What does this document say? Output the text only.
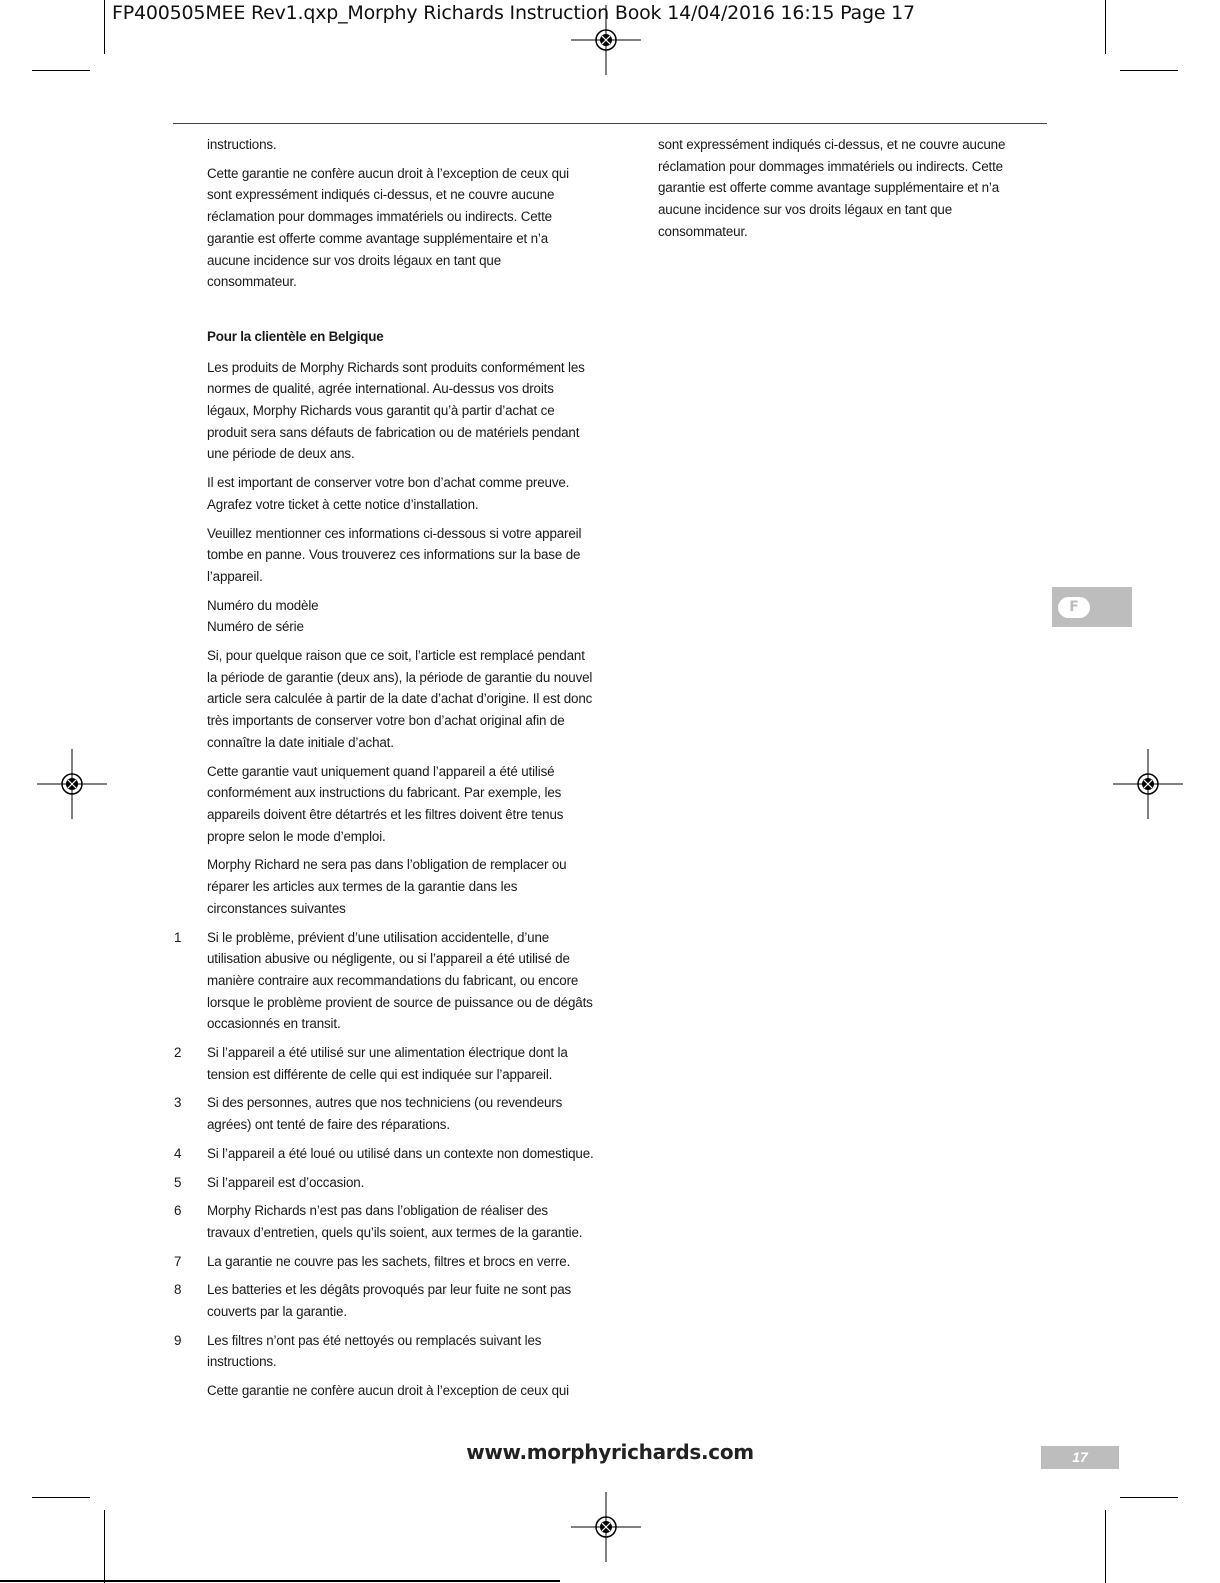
FP400505MEE Rev1.qxp_Morphy Richards Instruction Book 14/04/2016 16:15 Page 17

instructions.

Cette garantie ne confère aucun droit à l’exception de ceux qui sont expressément indiqués ci-dessus, et ne couvre aucune réclamation pour dommages immatériels ou indirects. Cette garantie est offerte comme avantage supplémentaire et n’a aucune incidence sur vos droits légaux en tant que consommateur.

Pour la clientèle en Belgique

Les produits de Morphy Richards sont produits conformément les normes de qualité, agrée international. Au-dessus vos droits légaux, Morphy Richards vous garantit qu’à partir d’achat ce produit sera sans défauts de fabrication ou de matériels pendant une période de deux ans.

Il est important de conserver votre bon d’achat comme preuve. Agrafez votre ticket à cette notice d’installation.

Veuillez mentionner ces informations ci-dessous si votre appareil tombe en panne. Vous trouverez ces informations sur la base de l’appareil.

Numéro du modèle
Numéro de série

Si, pour quelque raison que ce soit, l’article est remplacé pendant la période de garantie (deux ans), la période de garantie du nouvel article sera calculée à partir de la date d’achat d’origine. Il est donc très importants de conserver votre bon d’achat original afin de connaître la date initiale d’achat.

Cette garantie vaut uniquement quand l’appareil a été utilisé conformément aux instructions du fabricant. Par exemple, les appareils doivent être détartrés et les filtres doivent être tenus propre selon le mode d’emploi.

Morphy Richard ne sera pas dans l’obligation de remplacer ou réparer les articles aux termes de la garantie dans les circonstances suivantes

1	Si le problème, prévient d’une utilisation accidentelle, d’une utilisation abusive ou négligente, ou si l’appareil a été utilisé de manière contraire aux recommandations du fabricant, ou encore lorsque le problème provient de source de puissance ou de dégâts occasionnés en transit.
2	Si l’appareil a été utilisé sur une alimentation électrique dont la tension est différente de celle qui est indiquée sur l’appareil.
3	Si des personnes, autres que nos techniciens (ou revendeurs agrées) ont tenté de faire des réparations.
4	Si l’appareil a été loué ou utilisé dans un contexte non domestique.
5	Si l’appareil est d’occasion.
6	Morphy Richards n’est pas dans l’obligation de réaliser des travaux d’entretien, quels qu’ils soient, aux termes de la garantie.
7	La garantie ne couvre pas les sachets, filtres et brocs en verre.
8	Les batteries et les dégâts provoqués par leur fuite ne sont pas couverts par la garantie.
9	Les filtres n’ont pas été nettoyés ou remplacés suivant les instructions.

Cette garantie ne confère aucun droit à l’exception de ceux qui

sont expressément indiqués ci-dessus, et ne couvre aucune réclamation pour dommages immatériels ou indirects. Cette garantie est offerte comme avantage supplémentaire et n’a aucune incidence sur vos droits légaux en tant que consommateur.

F
www.morphyrichards.com	17
